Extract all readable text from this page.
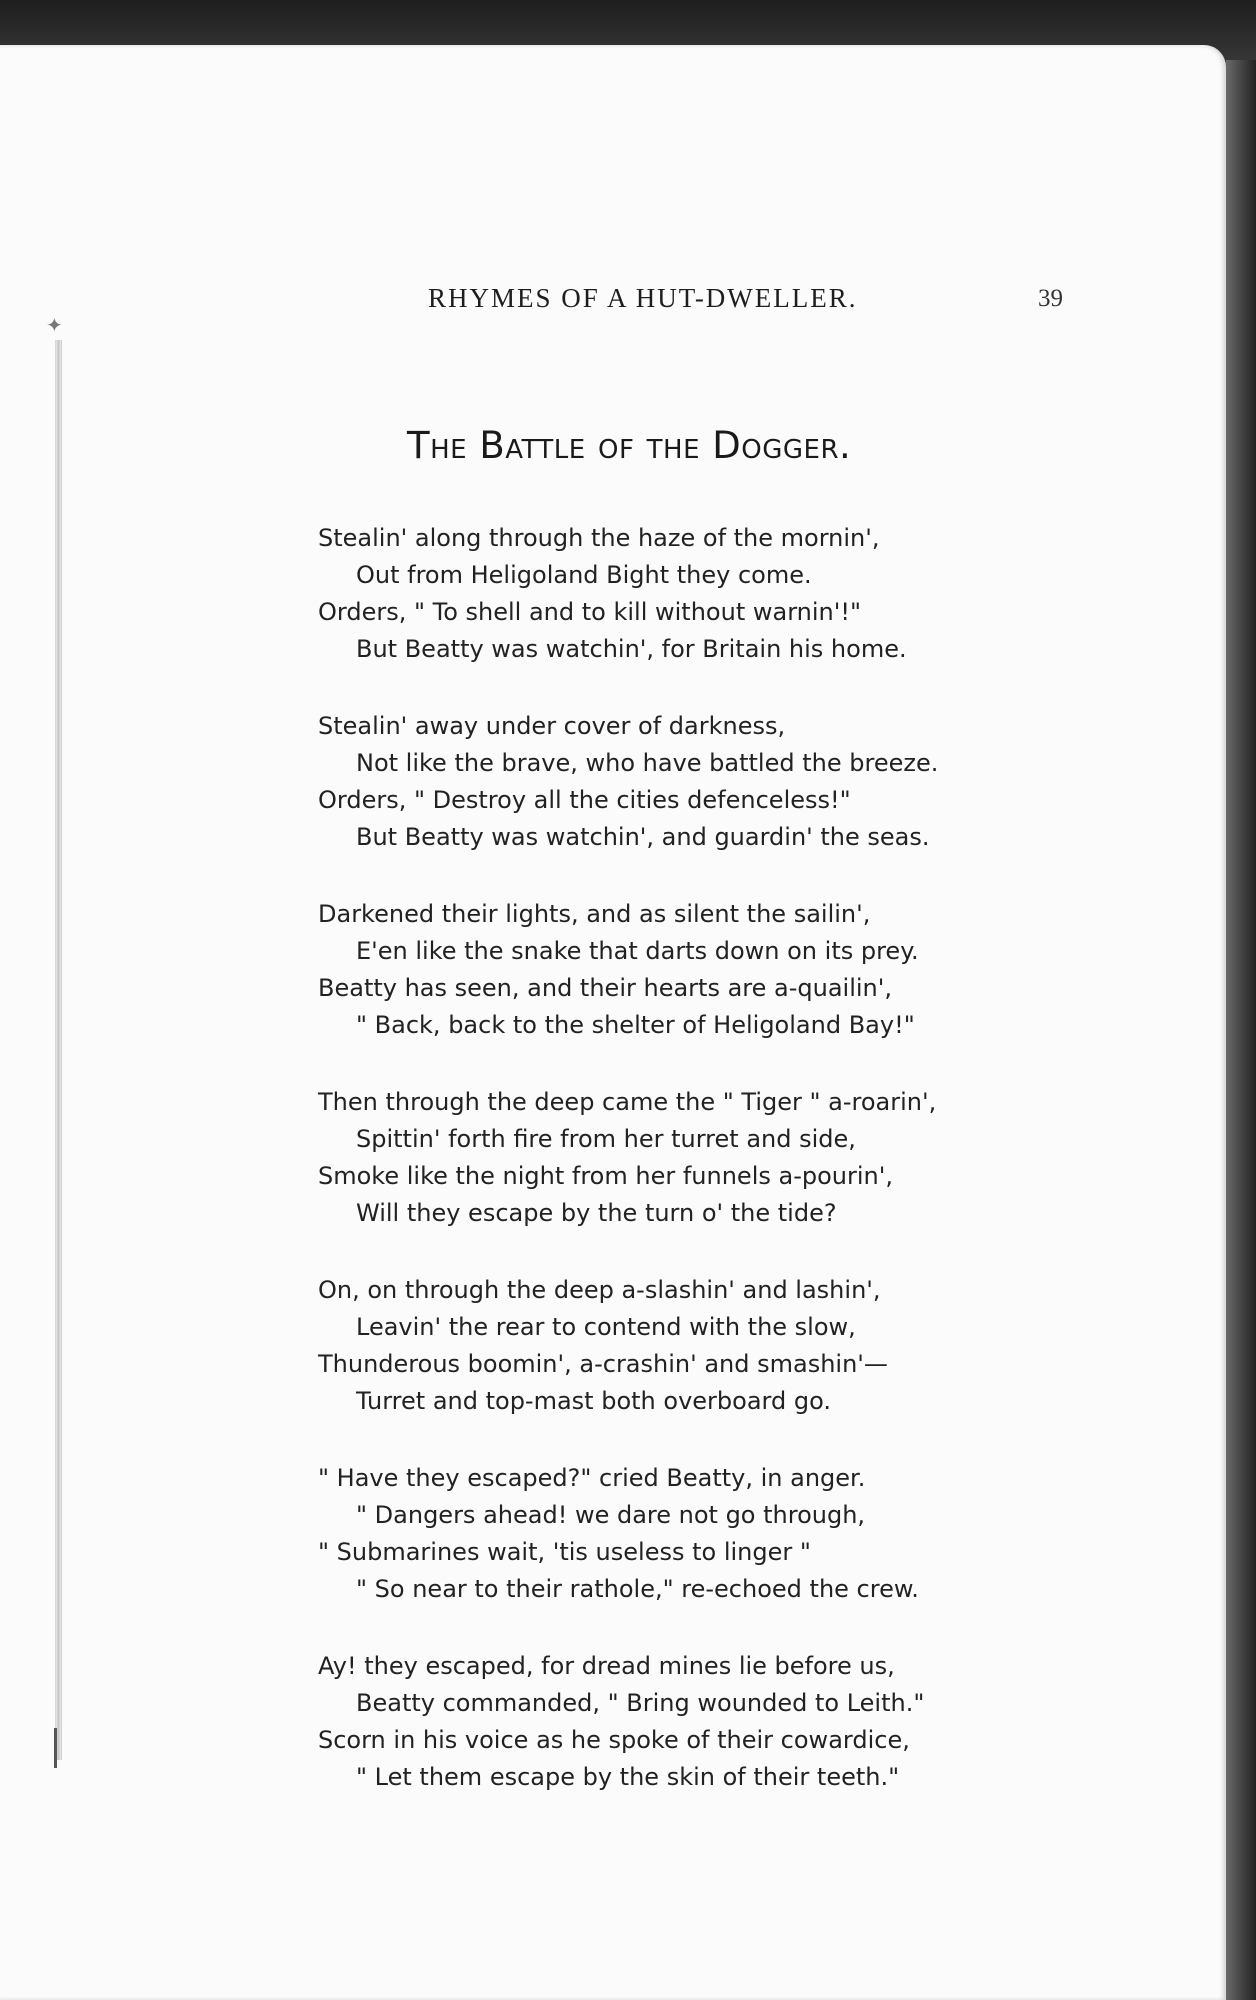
✦
RHYMES OF A HUT-DWELLER.	39
The Battle of the Dogger.
Stealin' along through the haze of the mornin',
Out from Heligoland Bight they come.
Orders, " To shell and to kill without warnin'!"
But Beatty was watchin', for Britain his home.
Stealin' away under cover of darkness,
Not like the brave, who have battled the breeze.
Orders, " Destroy all the cities defenceless!"
But Beatty was watchin', and guardin' the seas.
Darkened their lights, and as silent the sailin',
E'en like the snake that darts down on its prey.
Beatty has seen, and their hearts are a-quailin',
" Back, back to the shelter of Heligoland Bay!"
Then through the deep came the " Tiger " a-roarin',
Spittin' forth fire from her turret and side,
Smoke like the night from her funnels a-pourin',
Will they escape by the turn o' the tide?
On, on through the deep a-slashin' and lashin',
Leavin' the rear to contend with the slow,
Thunderous boomin', a-crashin' and smashin'—
Turret and top-mast both overboard go.
" Have they escaped?" cried Beatty, in anger.
" Dangers ahead! we dare not go through,
" Submarines wait, 'tis useless to linger "
" So near to their rathole," re-echoed the crew.
Ay! they escaped, for dread mines lie before us,
Beatty commanded, " Bring wounded to Leith."
Scorn in his voice as he spoke of their cowardice,
" Let them escape by the skin of their teeth."
